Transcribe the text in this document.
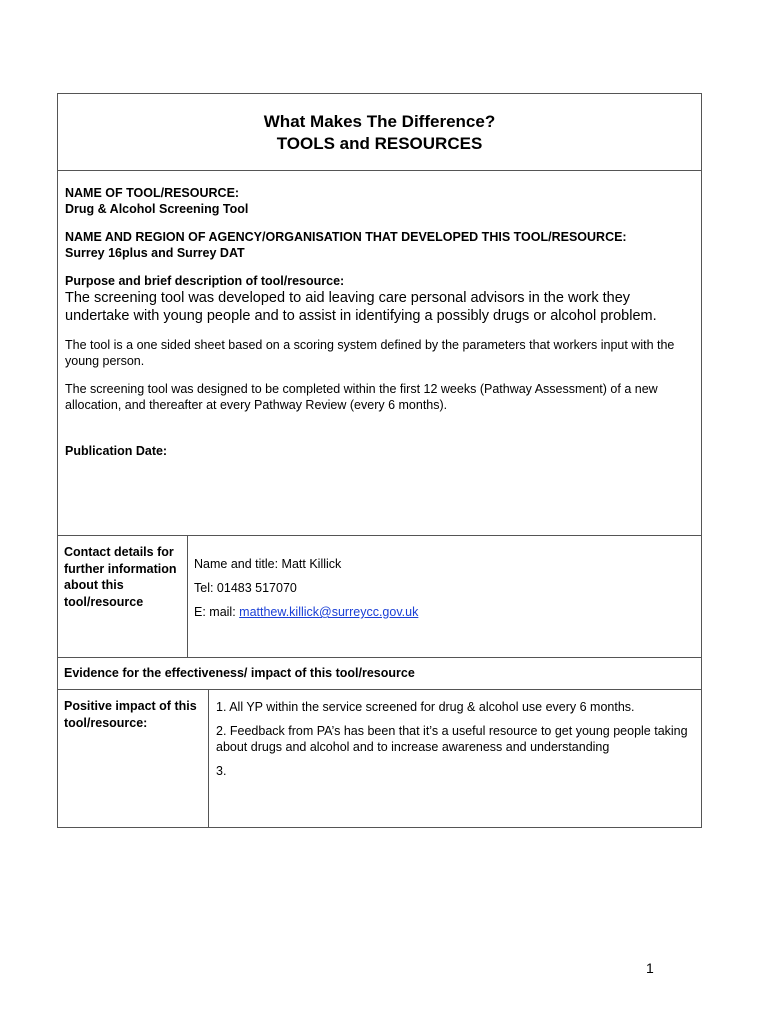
What Makes The Difference?
TOOLS and RESOURCES
NAME OF TOOL/RESOURCE:
Drug & Alcohol Screening Tool
NAME AND REGION OF AGENCY/ORGANISATION THAT DEVELOPED THIS TOOL/RESOURCE:
Surrey 16plus and Surrey DAT
Purpose and brief description of tool/resource:
The screening tool was developed to aid leaving care personal advisors in the work they undertake with young people and to assist in identifying a possibly drugs or alcohol problem.
The tool is a one sided sheet based on a scoring system defined by the parameters that workers input with the young person.
The screening tool was designed to be completed within the first 12 weeks (Pathway Assessment) of a new allocation, and thereafter at every Pathway Review (every 6 months).
Publication Date:
Contact details for further information about this tool/resource
Name and title: Matt Killick
Tel: 01483 517070
E: mail: matthew.killick@surreycc.gov.uk
Evidence for the effectiveness/ impact of this tool/resource
Positive impact of this tool/resource:
1. All YP within the service screened for drug & alcohol use every 6 months.
2. Feedback from PA’s has been that it’s a useful resource to get young people taking about drugs and alcohol and to increase awareness and understanding
3.
1
